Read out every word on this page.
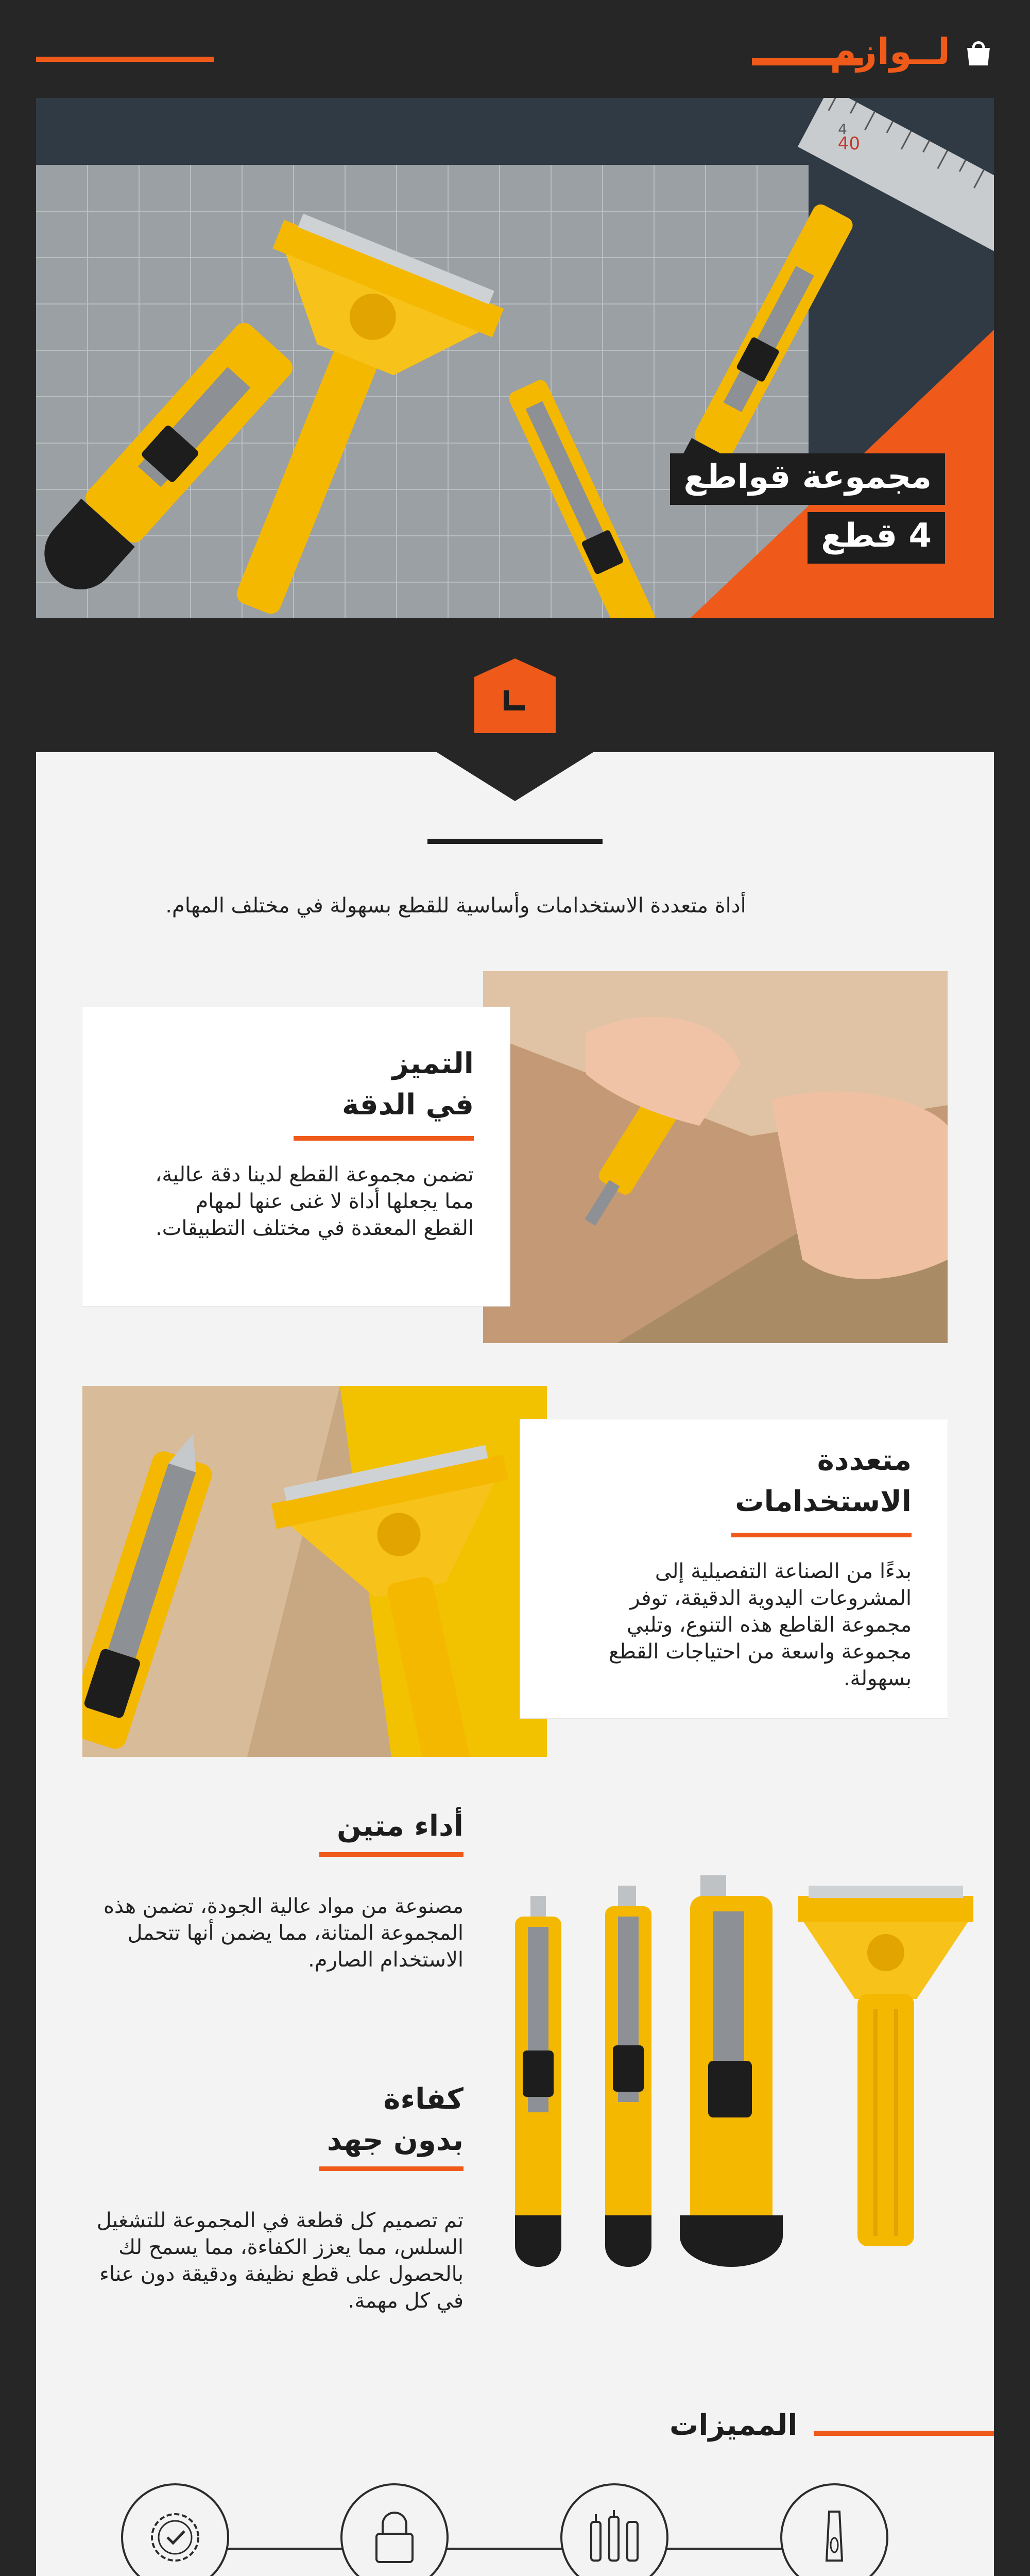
لــوازم
40
4
مجموعة قواطع
4 قطع
أداة متعددة الاستخدامات وأساسية للقطع بسهولة في مختلف المهام.
التميز
في الدقة

تضمن مجموعة القطع لدينا دقة عالية، مما يجعلها أداة لا غنى عنها لمهام القطع المعقدة في مختلف التطبيقات.

متعددة
الاستخدامات

بدءًا من الصناعة التفصيلية إلى المشروعات اليدوية الدقيقة، توفر مجموعة القاطع هذه التنوع، وتلبي مجموعة واسعة من احتياجات القطع بسهولة.

أداء متين

مصنوعة من مواد عالية الجودة، تضمن هذه المجموعة المتانة، مما يضمن أنها تتحمل الاستخدام الصارم.

كفاءة
بدون جهد

تم تصميم كل قطعة في المجموعة للتشغيل السلس، مما يعزز الكفاءة، مما يسمح لك بالحصول على قطع نظيفة ودقيقة دون عناء في كل مهمة.

المميزات
